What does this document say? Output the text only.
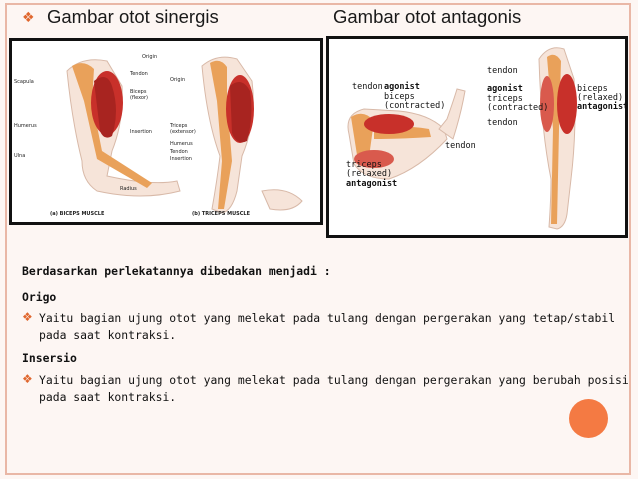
❖ Gambar otot sinergis	Gambar otot antagonis
Origin
Tendon
Scapula
Biceps
(flexor)
Humerus
Insertion
Ulna
Radius
Origin
Triceps
(extensor)
Humerus
Tendon
Insertion
(a) BICEPS MUSCLE	(b) TRICEPS MUSCLE
tendon agonist
biceps
(contracted)
tendon
triceps
(relaxed)
antagonist
tendon
agonist
triceps
(contracted)
tendon
biceps
(relaxed)
antagonist
Berdasarkan perlekatannya dibedakan menjadi :
Origo
❖ Yaitu bagian ujung otot yang melekat pada tulang dengan pergerakan yang tetap/stabil
pada saat kontraksi.
Insersio
❖ Yaitu bagian ujung otot yang melekat pada tulang dengan pergerakan yang berubah posisi
pada saat kontraksi.
